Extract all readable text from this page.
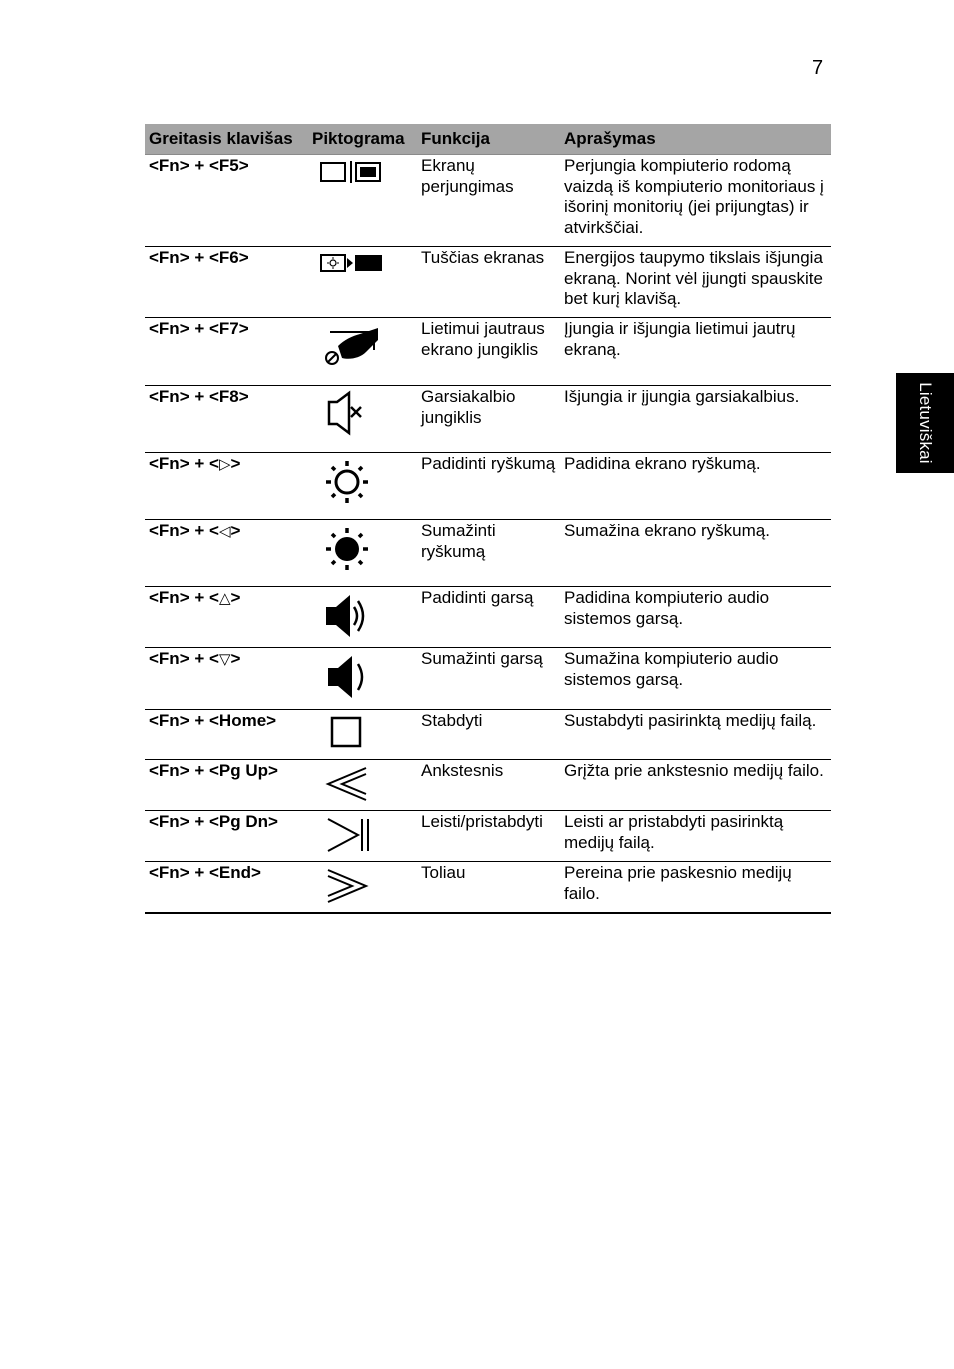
7
Lietuviškai
Greitasis klavišas	Piktograma	Funkcija	Aprašymas
<Fn> + <F5>		Ekranų perjungimas	Perjungia kompiuterio rodomą vaizdą iš kompiuterio monitoriaus į išorinį monitorių (jei prijungtas) ir atvirkščiai.
<Fn> + <F6>		Tuščias ekranas	Energijos taupymo tikslais išjungia ekraną. Norint vėl įjungti spauskite bet kurį klavišą.
<Fn> + <F7>		Lietimui jautraus ekrano jungiklis	Įjungia ir išjungia lietimui jautrų ekraną.
<Fn> + <F8>		Garsiakalbio jungiklis	Išjungia ir įjungia garsiakalbius.
<Fn> + <▷>		Padidinti ryškumą	Padidina ekrano ryškumą.
<Fn> + <◁>		Sumažinti ryškumą	Sumažina ekrano ryškumą.
<Fn> + <△>		Padidinti garsą	Padidina kompiuterio audio sistemos garsą.
<Fn> + <▽>		Sumažinti garsą	Sumažina kompiuterio audio sistemos garsą.
<Fn> + <Home>		Stabdyti	Sustabdyti pasirinktą medijų failą.
<Fn> + <Pg Up>		Ankstesnis	Grįžta prie ankstesnio medijų failo.
<Fn> + <Pg Dn>		Leisti/pristabdyti	Leisti ar pristabdyti pasirinktą medijų failą.
<Fn> + <End>		Toliau	Pereina prie paskesnio medijų failo.
